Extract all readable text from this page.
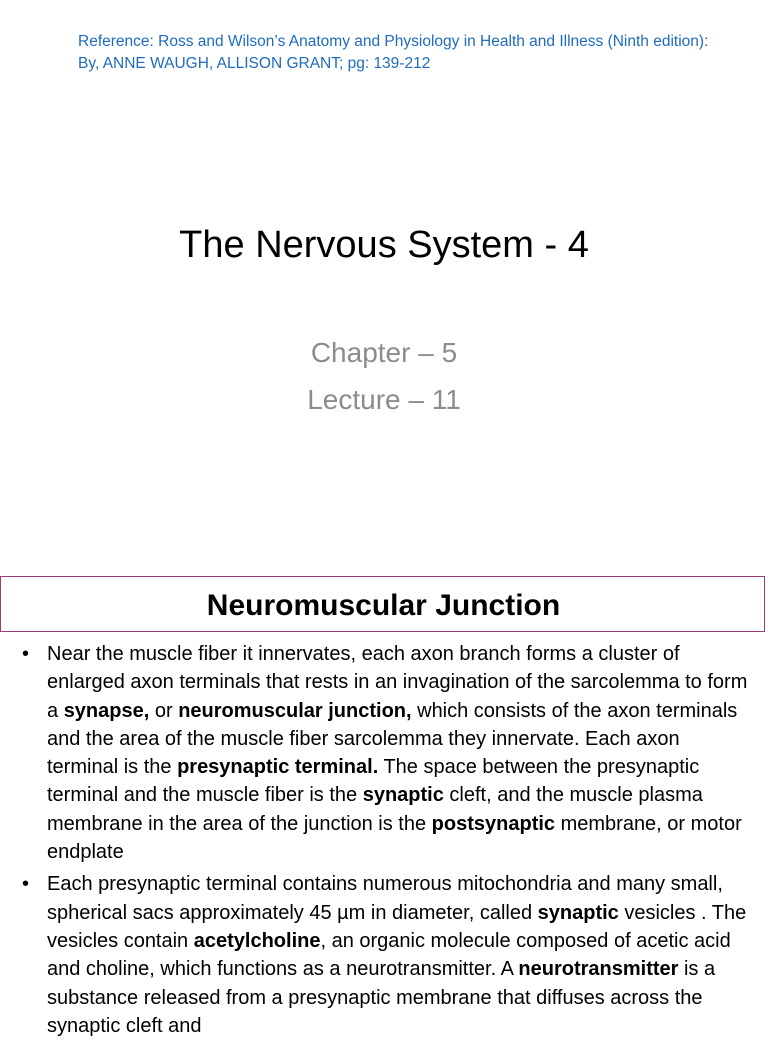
Reference: Ross and Wilson’s Anatomy and Physiology in Health and Illness (Ninth edition): By, ANNE WAUGH, ALLISON GRANT; pg: 139-212
The Nervous System - 4
Chapter – 5
Lecture – 11
Neuromuscular Junction
• Near the muscle fiber it innervates, each axon branch forms a cluster of enlarged axon terminals that rests in an invagination of the sarcolemma to form a synapse, or neuromuscular junction, which consists of the axon terminals and the area of the muscle fiber sarcolemma they innervate. Each axon terminal is the presynaptic terminal. The space between the presynaptic terminal and the muscle fiber is the synaptic cleft, and the muscle plasma membrane in the area of the junction is the postsynaptic membrane, or motor endplate
• Each presynaptic terminal contains numerous mitochondria and many small, spherical sacs approximately 45 µm in diameter, called synaptic vesicles . The vesicles contain acetylcholine, an organic molecule composed of acetic acid and choline, which functions as a neurotransmitter. A neurotransmitter is a substance released from a presynaptic membrane that diffuses across the synaptic cleft and
